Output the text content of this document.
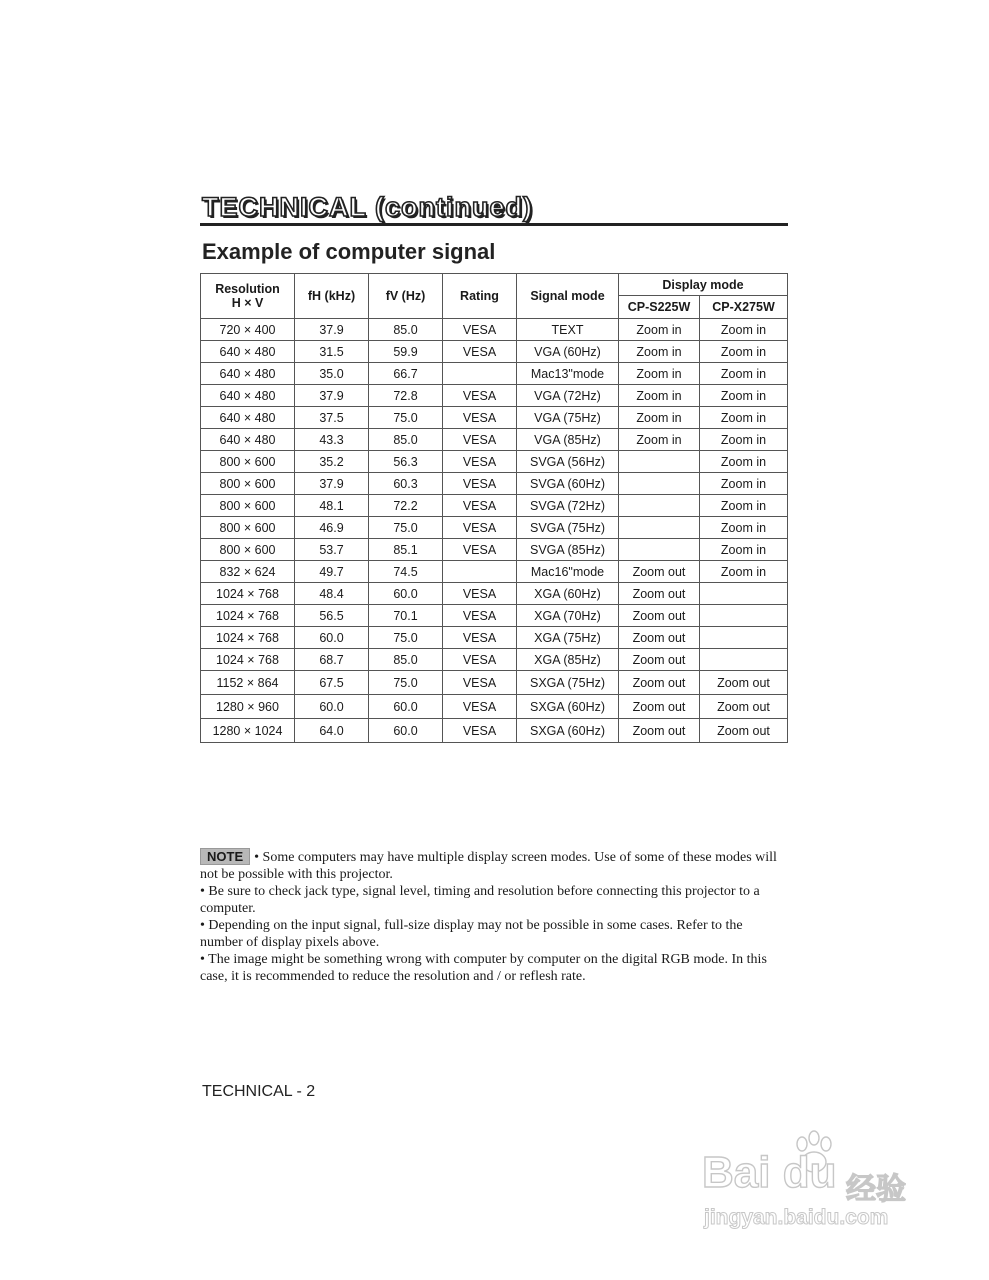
TECHNICAL (continued)
Example of computer signal
Resolution
H × V	fH (kHz)	fV (Hz)	Rating	Signal mode	Display mode	
					CP-S225W	CP-X275W
720 × 400	37.9	85.0	VESA	TEXT	Zoom in	Zoom in
640 × 480	31.5	59.9	VESA	VGA (60Hz)	Zoom in	Zoom in
640 × 480	35.0	66.7		Mac13"mode	Zoom in	Zoom in
640 × 480	37.9	72.8	VESA	VGA (72Hz)	Zoom in	Zoom in
640 × 480	37.5	75.0	VESA	VGA (75Hz)	Zoom in	Zoom in
640 × 480	43.3	85.0	VESA	VGA (85Hz)	Zoom in	Zoom in
800 × 600	35.2	56.3	VESA	SVGA (56Hz)		Zoom in
800 × 600	37.9	60.3	VESA	SVGA (60Hz)		Zoom in
800 × 600	48.1	72.2	VESA	SVGA (72Hz)		Zoom in
800 × 600	46.9	75.0	VESA	SVGA (75Hz)		Zoom in
800 × 600	53.7	85.1	VESA	SVGA (85Hz)		Zoom in
832 × 624	49.7	74.5		Mac16"mode	Zoom out	Zoom in
1024 × 768	48.4	60.0	VESA	XGA (60Hz)	Zoom out	
1024 × 768	56.5	70.1	VESA	XGA (70Hz)	Zoom out	
1024 × 768	60.0	75.0	VESA	XGA (75Hz)	Zoom out	
1024 × 768	68.7	85.0	VESA	XGA (85Hz)	Zoom out	
1152 × 864	67.5	75.0	VESA	SXGA (75Hz)	Zoom out	Zoom out
1280 × 960	60.0	60.0	VESA	SXGA (60Hz)	Zoom out	Zoom out
1280 × 1024	64.0	60.0	VESA	SXGA (60Hz)	Zoom out	Zoom out

NOTE • Some computers may have multiple display screen modes. Use of some of these modes will not be possible with this projector.

• Be sure to check jack type, signal level, timing and resolution before connecting this projector to a computer.

• Depending on the input signal, full-size display may not be possible in some cases. Refer to the number of display pixels above.

• The image might be something wrong with computer by computer on the digital RGB mode. In this case, it is recommended to reduce the resolution and / or reflesh rate.

TECHNICAL - 2
Bai du 经验
jingyan.baidu.com
